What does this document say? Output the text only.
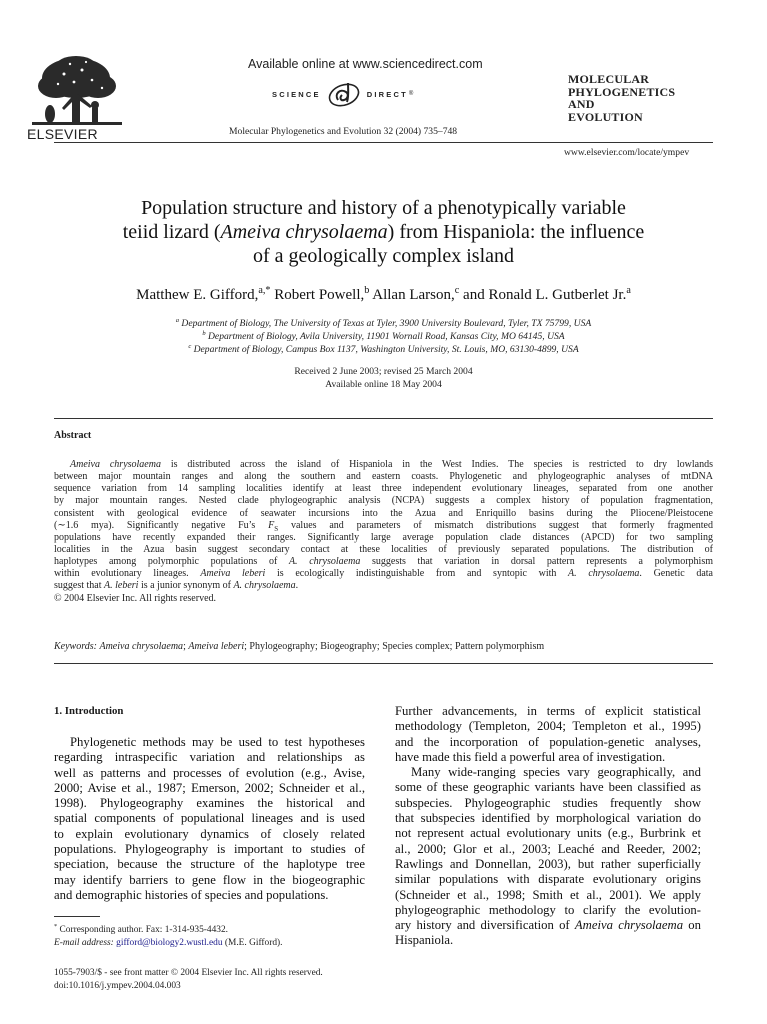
ELSEVIER
Available online at www.sciencedirect.com
SCIENCE	DIRECT ®
Molecular Phylogenetics and Evolution 32 (2004) 735–748
MOLECULAR
PHYLOGENETICS
AND
EVOLUTION
www.elsevier.com/locate/ympev
Population structure and history of a phenotypically variable
teiid lizard (Ameiva chrysolaema) from Hispaniola: the influence
of a geologically complex island
Matthew E. Gifford,$^{a,*}$ Robert Powell,$^b$ Allan Larson,$^c$ and Ronald L. Gutberlet Jr.$^a$
$^a$ Department of Biology, The University of Texas at Tyler, 3900 University Boulevard, Tyler, TX 75799, USA
$^b$ Department of Biology, Avila University, 11901 Wornall Road, Kansas City, MO 64145, USA
$^c$ Department of Biology, Campus Box 1137, Washington University, St. Louis, MO, 63130-4899, USA
Received 2 June 2003; revised 25 March 2004
Available online 18 May 2004
Abstract
Ameiva chrysolaema is distributed across the island of Hispaniola in the West Indies. The species is restricted to dry lowlands
between major mountain ranges and along the southern and eastern coasts. Phylogenetic and phylogeographic analyses of mtDNA
sequence variation from 14 sampling localities identify at least three independent evolutionary lineages, separated from one another
by major mountain ranges. Nested clade phylogeographic analysis (NCPA) suggests a complex history of population fragmentation,
consistent with geological evidence of seawater incursions into the Azua and Enriquillo basins during the Pliocene/Pleistocene
(∼1.6 mya). Significantly negative Fu’s $F_S$ values and parameters of mismatch distributions suggest that formerly fragmented
populations have recently expanded their ranges. Significantly large average population clade distances (APCD) for two sampling
localities in the Azua basin suggest secondary contact at these localities of previously separated populations. The distribution of
haplotypes among polymorphic populations of A. chrysolaema suggests that variation in dorsal pattern represents a polymorphism
within evolutionary lineages. Ameiva leberi is ecologically indistinguishable from and syntopic with A. chrysolaema. Genetic data
suggest that A. leberi is a junior synonym of A. chrysolaema.
© 2004 Elsevier Inc. All rights reserved.
Keywords: Ameiva chrysolaema; Ameiva leberi; Phylogeography; Biogeography; Species complex; Pattern polymorphism
1. Introduction
Phylogenetic methods may be used to test hypotheses
regarding intraspecific variation and relationships as
well as patterns and processes of evolution (e.g., Avise,
2000; Avise et al., 1987; Emerson, 2002; Schneider et al.,
1998). Phylogeography examines the historical and
spatial components of populational lineages and is used
to explain evolutionary dynamics of closely related
populations. Phylogeography is important to studies of
speciation, because the structure of the haplotype tree
may identify barriers to gene flow in the biogeographic
and demographic histories of species and populations.
Further advancements, in terms of explicit statistical
methodology (Templeton, 2004; Templeton et al., 1995)
and the incorporation of population-genetic analyses,
have made this field a powerful area of investigation.
Many wide-ranging species vary geographically, and
some of these geographic variants have been classified as
subspecies. Phylogeographic studies frequently show
that subspecies identified by morphological variation do
not represent actual evolutionary units (e.g., Burbrink et
al., 2000; Glor et al., 2003; Leaché and Reeder, 2002;
Rawlings and Donnellan, 2003), but rather superficially
similar populations with disparate evolutionary origins
(Schneider et al., 1998; Smith et al., 2001). We apply
phylogeographic methodology to clarify the evolution-
ary history and diversification of Ameiva chrysolaema on
Hispaniola.
* Corresponding author. Fax: 1-314-935-4432.
E-mail address: gifford@biology2.wustl.edu (M.E. Gifford).
1055-7903/$ - see front matter © 2004 Elsevier Inc. All rights reserved.
doi:10.1016/j.ympev.2004.04.003
